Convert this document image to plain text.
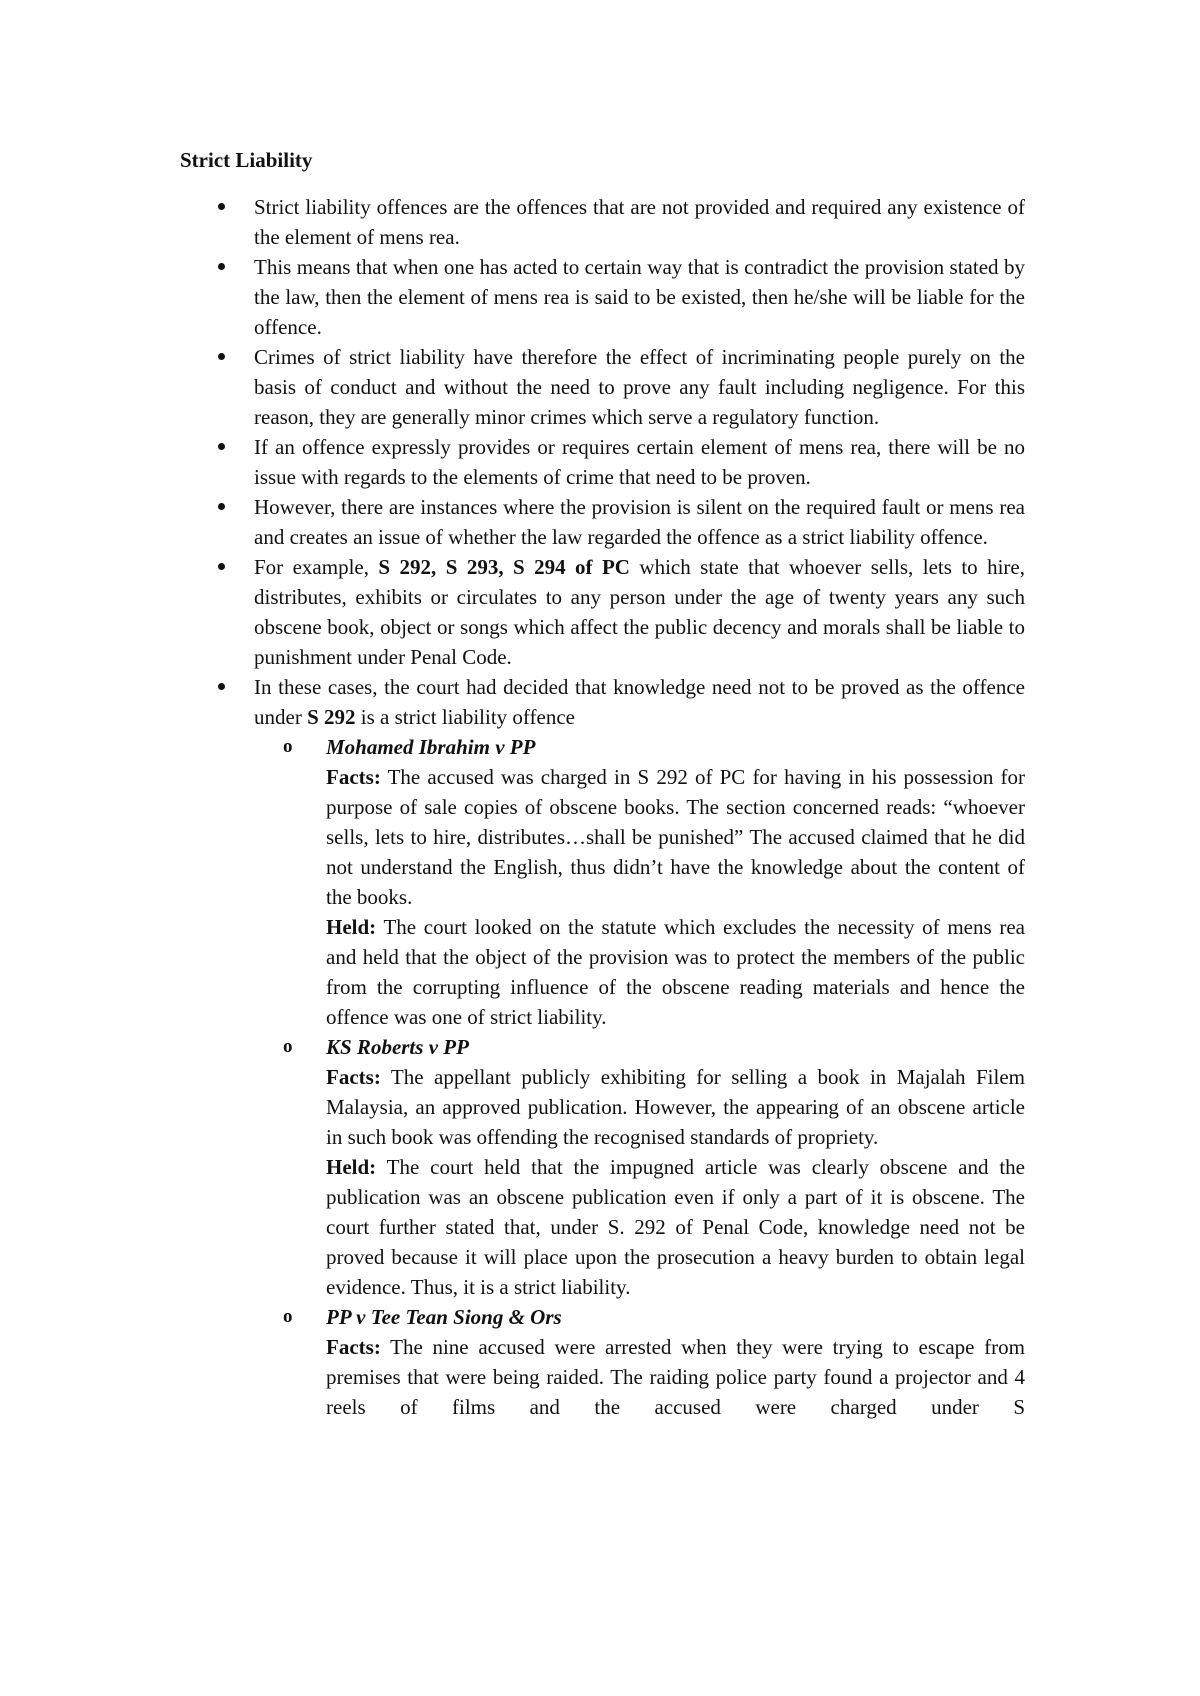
Strict Liability
Strict liability offences are the offences that are not provided and required any existence of the element of mens rea.
This means that when one has acted to certain way that is contradict the provision stated by the law, then the element of mens rea is said to be existed, then he/she will be liable for the offence.
Crimes of strict liability have therefore the effect of incriminating people purely on the basis of conduct and without the need to prove any fault including negligence. For this reason, they are generally minor crimes which serve a regulatory function.
If an offence expressly provides or requires certain element of mens rea, there will be no issue with regards to the elements of crime that need to be proven.
However, there are instances where the provision is silent on the required fault or mens rea and creates an issue of whether the law regarded the offence as a strict liability offence.
For example, S 292, S 293, S 294 of PC which state that whoever sells, lets to hire, distributes, exhibits or circulates to any person under the age of twenty years any such obscene book, object or songs which affect the public decency and morals shall be liable to punishment under Penal Code.
In these cases, the court had decided that knowledge need not to be proved as the offence under S 292 is a strict liability offence
o Mohamed Ibrahim v PP
Facts: The accused was charged in S 292 of PC for having in his possession for purpose of sale copies of obscene books. The section concerned reads: “whoever sells, lets to hire, distributes…shall be punished” The accused claimed that he did not understand the English, thus didn’t have the knowledge about the content of the books.
Held: The court looked on the statute which excludes the necessity of mens rea and held that the object of the provision was to protect the members of the public from the corrupting influence of the obscene reading materials and hence the offence was one of strict liability.
o KS Roberts v PP
Facts: The appellant publicly exhibiting for selling a book in Majalah Filem Malaysia, an approved publication. However, the appearing of an obscene article in such book was offending the recognised standards of propriety.
Held: The court held that the impugned article was clearly obscene and the publication was an obscene publication even if only a part of it is obscene. The court further stated that, under S. 292 of Penal Code, knowledge need not be proved because it will place upon the prosecution a heavy burden to obtain legal evidence. Thus, it is a strict liability.
o PP v Tee Tean Siong & Ors
Facts: The nine accused were arrested when they were trying to escape from premises that were being raided. The raiding police party found a projector and 4 reels of films and the accused were charged under S
